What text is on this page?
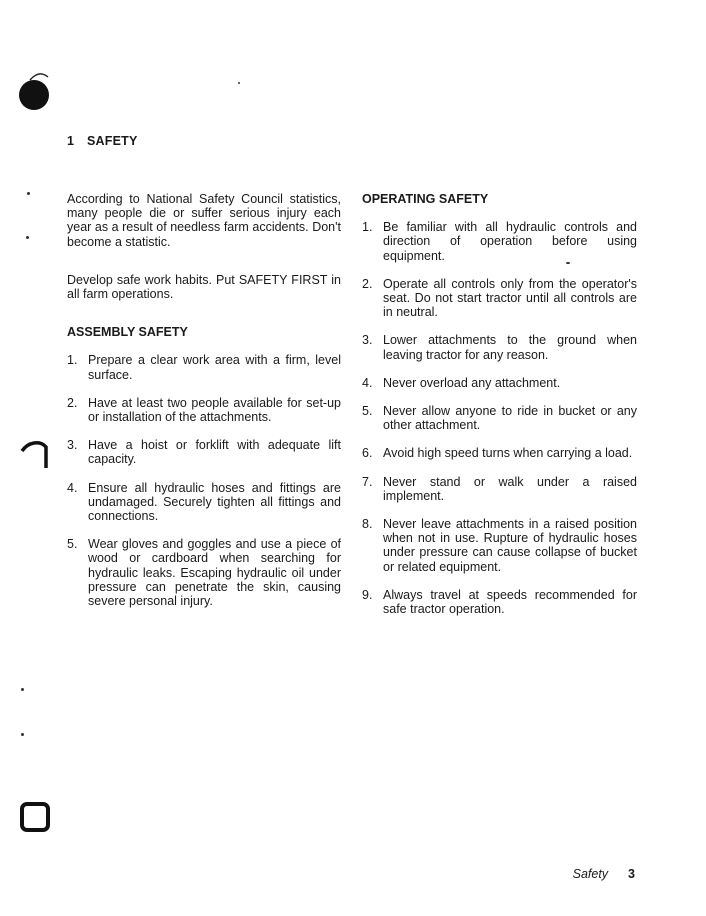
1 SAFETY

According to National Safety Council statistics, many people die or suffer serious injury each year as a result of needless farm accidents. Don't become a statistic.

Develop safe work habits. Put SAFETY FIRST in all farm operations.

ASSEMBLY SAFETY
1. Prepare a clear work area with a firm, level surface.
2. Have at least two people available for set-up or installation of the attachments.
3. Have a hoist or forklift with adequate lift capacity.
4. Ensure all hydraulic hoses and fittings are undamaged. Securely tighten all fittings and connections.
5. Wear gloves and goggles and use a piece of wood or cardboard when searching for hydraulic leaks. Escaping hydraulic oil under pressure can penetrate the skin, causing severe personal injury.
OPERATING SAFETY
1. Be familiar with all hydraulic controls and direction of operation before using equipment.
2. Operate all controls only from the operator's seat. Do not start tractor until all controls are in neutral.
3. Lower attachments to the ground when leaving tractor for any reason.
4. Never overload any attachment.
5. Never allow anyone to ride in bucket or any other attachment.
6. Avoid high speed turns when carrying a load.
7. Never stand or walk under a raised implement.
8. Never leave attachments in a raised position when not in use. Rupture of hydraulic hoses under pressure can cause collapse of bucket or related equipment.
9. Always travel at speeds recommended for safe tractor operation.
Safety 3
